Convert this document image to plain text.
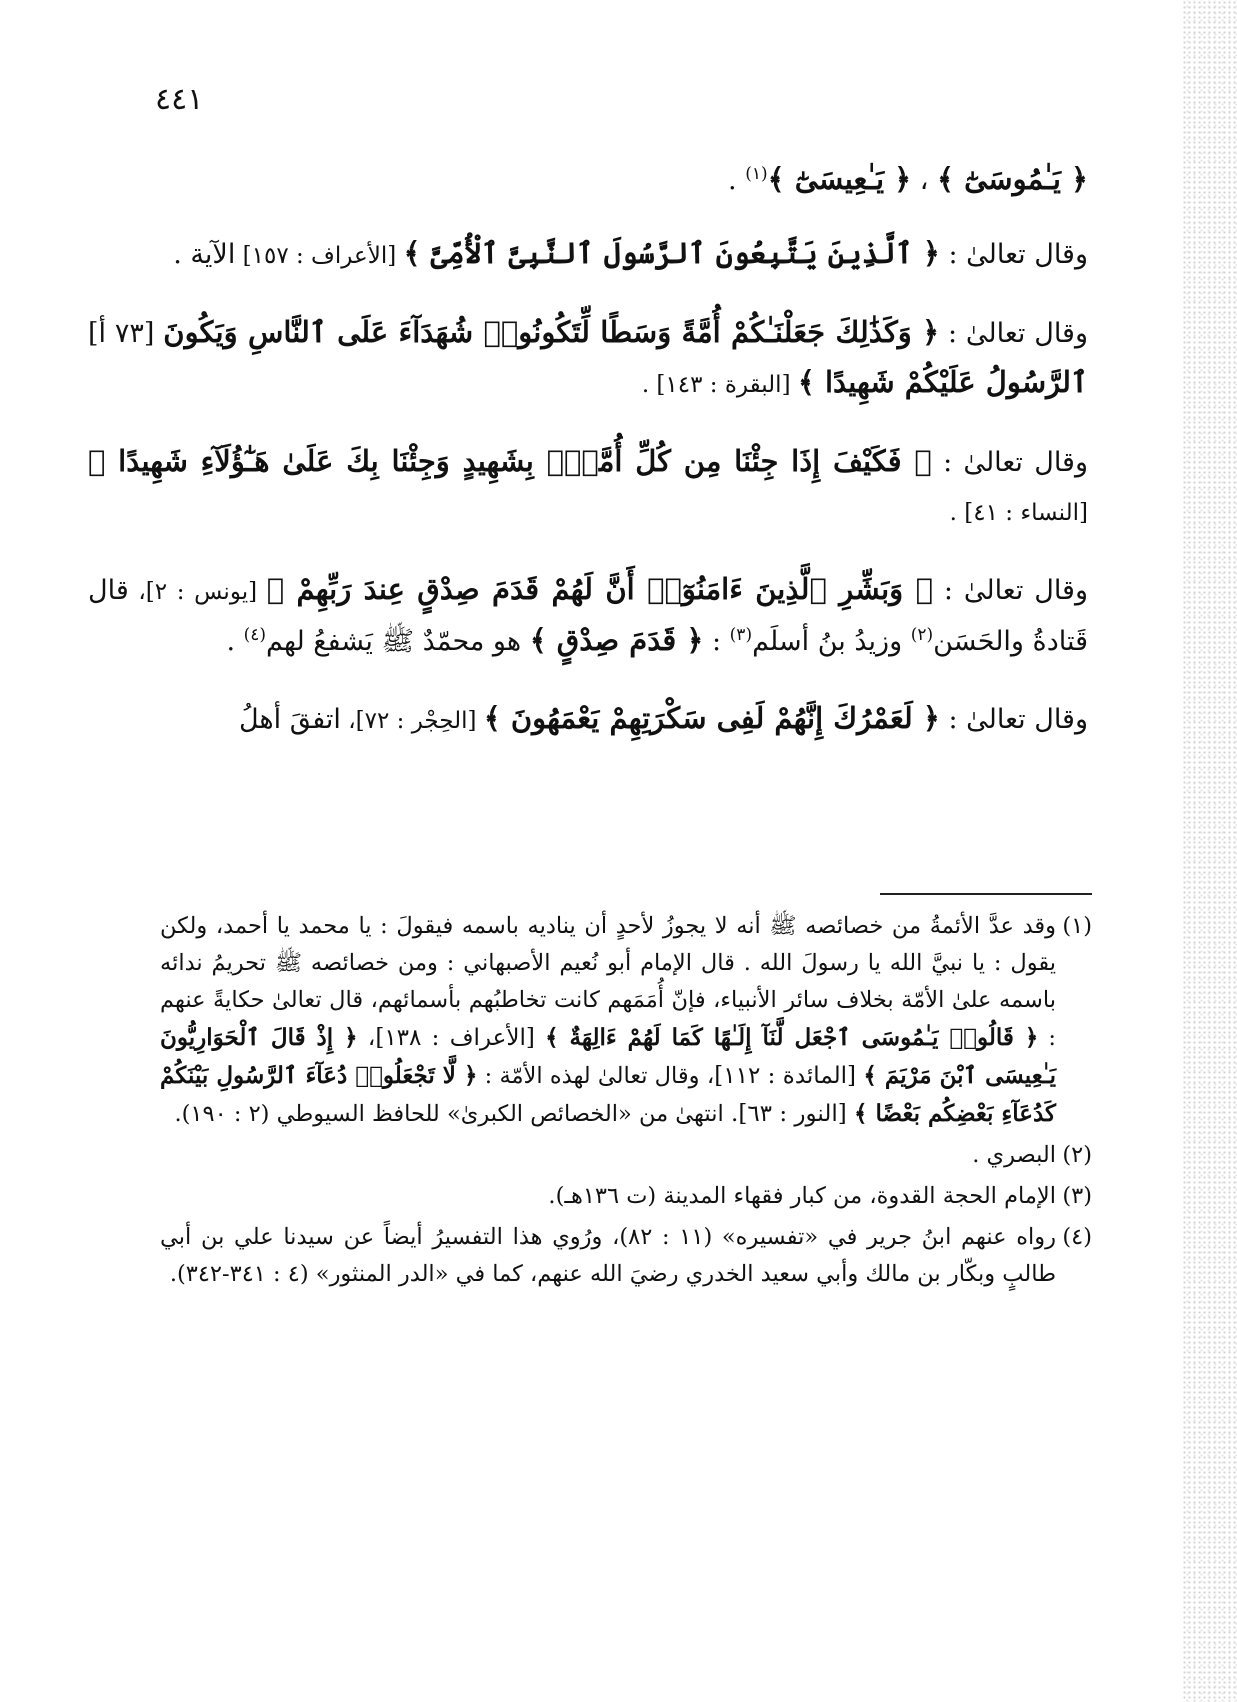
٤٤١

﴿ يَـٰمُوسَىٰٓ ﴾ ، ﴿ يَـٰعِيسَىٰٓ ﴾$^{(١)}$ .

وقال تعالىٰ : ﴿ ٱلَّذِينَ يَتَّبِعُونَ ٱلرَّسُولَ ٱلنَّبِىَّ ٱلْأُمِّىَّ ﴾ [الأعراف : ١٥٧] الآية .

وقال تعالىٰ : ﴿ وَكَذَٰلِكَ جَعَلْنَـٰكُمْ أُمَّةً وَسَطًا لِّتَكُونُوا۟ شُهَدَآءَ عَلَى ٱلنَّاسِ وَيَكُونَ [٧٣ أ] ٱلرَّسُولُ عَلَيْكُمْ شَهِيدًا ﴾ [البقرة : ١٤٣] .

وقال تعالىٰ : ﴿ فَكَيْفَ إِذَا جِئْنَا مِن كُلِّ أُمَّةٍۭ بِشَهِيدٍ وَجِئْنَا بِكَ عَلَىٰ هَـٰٓؤُلَآءِ شَهِيدًا ﴾ [النساء : ٤١] .

وقال تعالىٰ : ﴿ وَبَشِّرِ ٱلَّذِينَ ءَامَنُوٓا۟ أَنَّ لَهُمْ قَدَمَ صِدْقٍ عِندَ رَبِّهِمْ ﴾ [يونس : ٢]، قال قَتادةُ والحَسَن$^{(٢)}$ وزيدُ بنُ أسلَم$^{(٣)}$ : ﴿ قَدَمَ صِدْقٍ ﴾ هو محمّدٌ ﷺ يَشفعُ لهم$^{(٤)}$ .

وقال تعالىٰ : ﴿ لَعَمْرُكَ إِنَّهُمْ لَفِى سَكْرَتِهِمْ يَعْمَهُونَ ﴾ [الحِجْر : ٧٢]، اتفقَ أهلُ

(١)
وقد عدَّ الأئمةُ من خصائصه ﷺ أنه لا يجوزُ لأحدٍ أن يناديه باسمه فيقولَ : يا محمد يا أحمد، ولكن يقول : يا نبيَّ الله يا رسولَ الله . قال الإمام أبو نُعيم الأصبهاني : ومن خصائصه ﷺ تحريمُ ندائه باسمه علىٰ الأمّة بخلاف سائر الأنبياء، فإنّ أُمَمَهم كانت تخاطبُهم بأسمائهم، قال تعالىٰ حكايةً عنهم : ﴿ قَالُوا۟ يَـٰمُوسَى ٱجْعَل لَّنَآ إِلَـٰهًا كَمَا لَهُمْ ءَالِهَةٌ ﴾ [الأعراف : ١٣٨]، ﴿ إِذْ قَالَ ٱلْحَوَارِيُّونَ يَـٰعِيسَى ٱبْنَ مَرْيَمَ ﴾ [المائدة : ١١٢]، وقال تعالىٰ لهذه الأمّة : ﴿ لَّا تَجْعَلُوا۟ دُعَآءَ ٱلرَّسُولِ بَيْنَكُمْ كَدُعَآءِ بَعْضِكُم بَعْضًا ﴾ [النور : ٦٣]. انتهىٰ من «الخصائص الكبرىٰ» للحافظ السيوطي (٢ : ١٩٠).
(٢)
البصري .
(٣)
الإمام الحجة القدوة، من كبار فقهاء المدينة (ت ١٣٦هـ).
(٤)
رواه عنهم ابنُ جرير في «تفسيره» (١١ : ٨٢)، ورُوي هذا التفسيرُ أيضاً عن سيدنا علي بن أبي طالبٍ وبكّار بن مالك وأبي سعيد الخدري رضيَ الله عنهم، كما في «الدر المنثور» (٤ : ٣٤١-٣٤٢).
